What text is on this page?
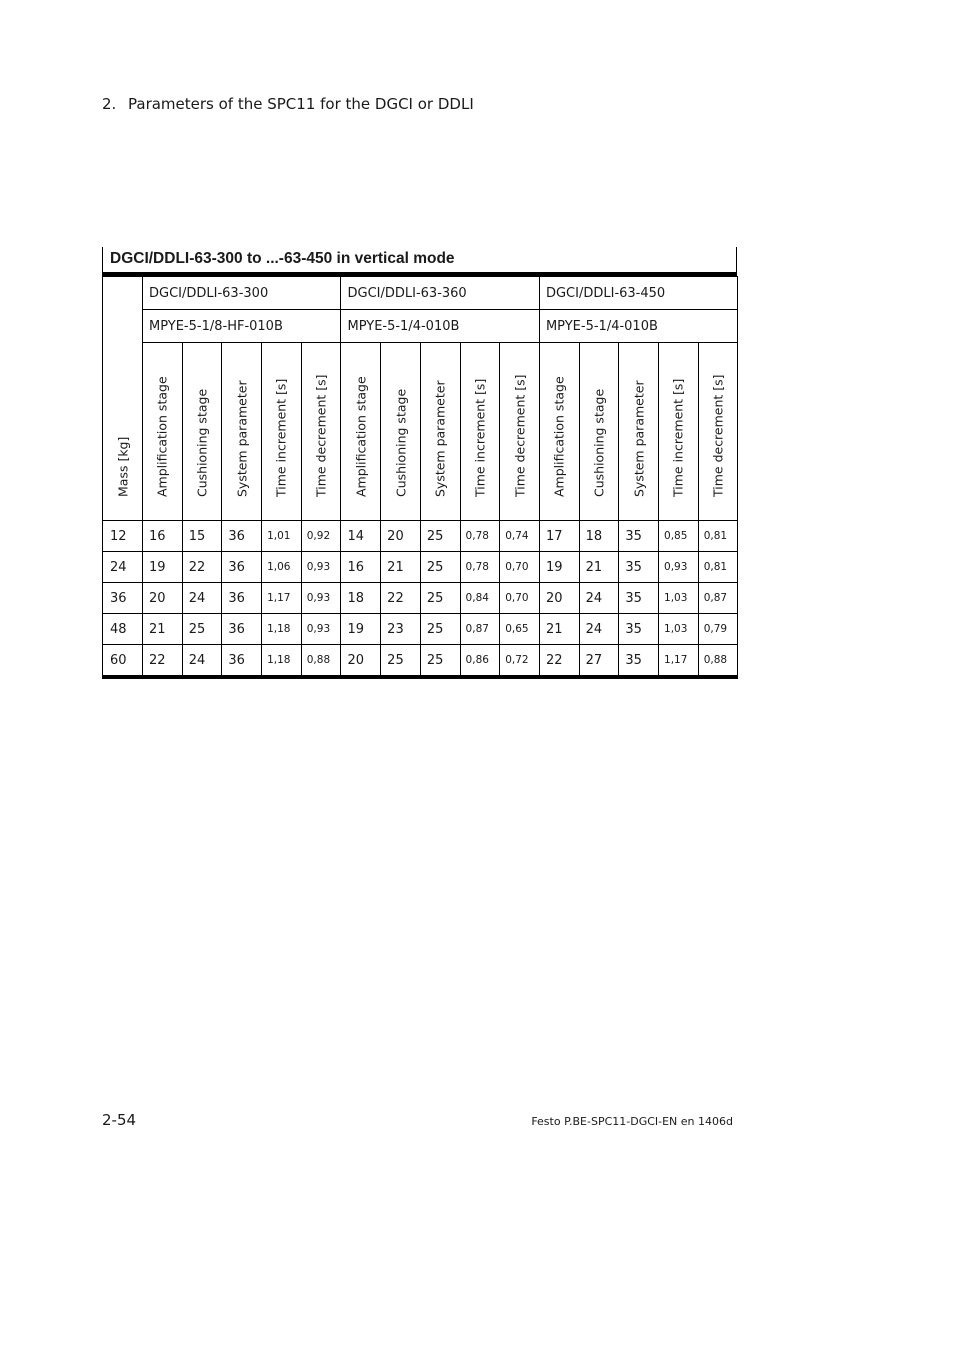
2. Parameters of the SPC11 for the DGCI or DDLI
DGCI/DDLI-63-300 to ...-63-450 in vertical mode
Mass [kg]	DGCI/DDLI-63-300					DGCI/DDLI-63-360					DGCI/DDLI-63-450				
	MPYE-5-1/8-HF-010B					MPYE-5-1/4-010B					MPYE-5-1/4-010B				

	Amplification stage	Cushioning stage	System parameter	Time increment [s]	Time decrement [s]	Amplification stage	Cushioning stage	System parameter	Time increment [s]	Time decrement [s]	Amplification stage	Cushioning stage	System parameter	Time increment [s]	Time decrement [s]

12	16	15	36	1,01	0,92	14	20	25	0,78	0,74	17	18	35	0,85	0,81
24	19	22	36	1,06	0,93	16	21	25	0,78	0,70	19	21	35	0,93	0,81
36	20	24	36	1,17	0,93	18	22	25	0,84	0,70	20	24	35	1,03	0,87
48	21	25	36	1,18	0,93	19	23	25	0,87	0,65	21	24	35	1,03	0,79
60	22	24	36	1,18	0,88	20	25	25	0,86	0,72	22	27	35	1,17	0,88
2-54	Festo P.BE-SPC11-DGCI-EN en 1406d
